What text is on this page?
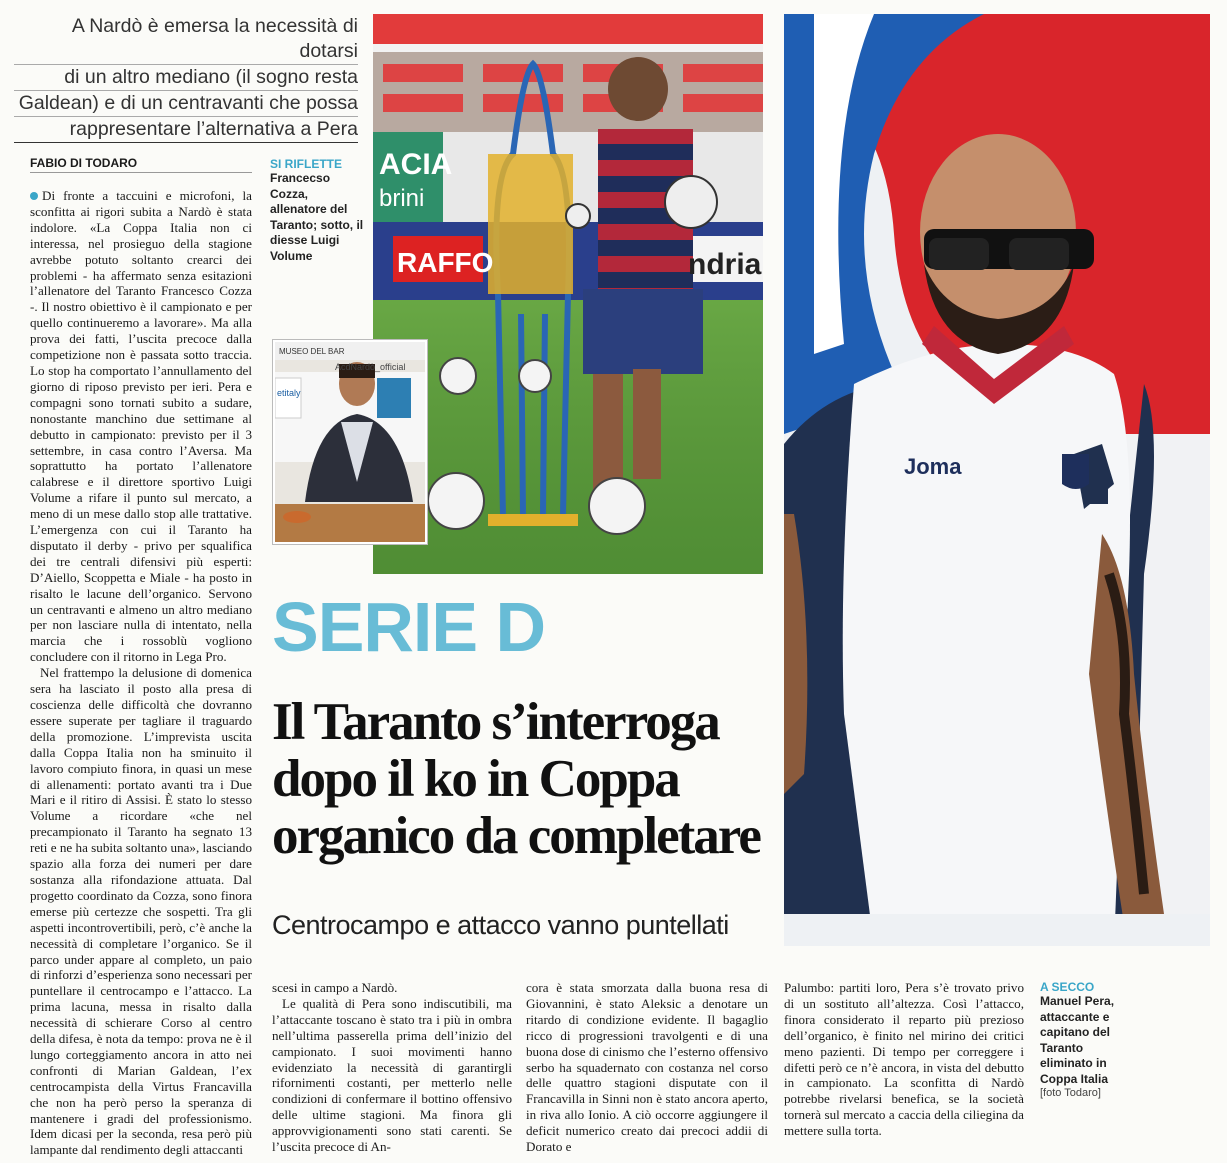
A Nardò è emersa la necessità di dotarsi
di un altro mediano (il sogno resta
Galdean) e di un centravanti che possa
rappresentare l’alternativa a Pera
FABIO DI TODARO

Di fronte a taccuini e microfoni, la sconfitta ai rigori subita a Nardò è stata indolore. «La Coppa Italia non ci interessa, nel prosieguo della stagione avrebbe potuto soltanto crearci dei problemi - ha affermato senza esitazioni l’allenatore del Taranto Francesco Cozza -. Il nostro obiettivo è il campionato e per quello continueremo a lavorare». Ma alla prova dei fatti, l’uscita precoce dalla competizione non è passata sotto traccia. Lo stop ha comportato l’annullamento del giorno di riposo previsto per ieri. Pera e compagni sono tornati subito a sudare, nonostante manchino due settimane al debutto in campionato: previsto per il 3 settembre, in casa contro l’Aversa. Ma soprattutto ha portato l’allenatore calabrese e il direttore sportivo Luigi Volume a rifare il punto sul mercato, a meno di un mese dallo stop alle trattative. L’emergenza con cui il Taranto ha disputato il derby - privo per squalifica dei tre centrali difensivi più esperti: D’Aiello, Scoppetta e Miale - ha posto in risalto le lacune dell’organico. Servono un centravanti e almeno un altro mediano per non lasciare nulla di intentato, nella marcia che i rossoblù vogliono concludere con il ritorno in Lega Pro.

Nel frattempo la delusione di domenica sera ha lasciato il posto alla presa di coscienza delle difficoltà che dovranno essere superate per tagliare il traguardo della promozione. L’imprevista uscita dalla Coppa Italia non ha sminuito il lavoro compiuto finora, in quasi un mese di allenamenti: portato avanti tra i Due Mari e il ritiro di Assisi. È stato lo stesso Volume a ricordare «che nel precampionato il Taranto ha segnato 13 reti e ne ha subita soltanto una», lasciando spazio alla forza dei numeri per dare sostanza alla rifondazione attuata. Dal progetto coordinato da Cozza, sono finora emerse più certezze che sospetti. Tra gli aspetti incontrovertibili, però, c’è anche la necessità di completare l’organico. Se il parco under appare al completo, un paio di rinforzi d’esperienza sono necessari per puntellare il centrocampo e l’attacco. La prima lacuna, messa in risalto dalla necessità di schierare Corso al centro della difesa, è nota da tempo: prova ne è il lungo corteggiamento ancora in atto nei confronti di Marian Galdean, l’ex centrocampista della Virtus Francavilla che non ha però perso la speranza di mantenere i gradi del professionismo. Idem dicasi per la seconda, resa però più lampante dal rendimento degli attaccanti

ACIA
brini
RAFFO	ndria
MUSEO DEL BAR
AcdNardò_official
etitaly
SI RIFLETTE
Francecso Cozza, allenatore del Taranto; sotto, il diesse Luigi Volume
Joma
SERIE D
Il Taranto s’interroga
dopo il ko in Coppa
organico da completare
Centrocampo e attacco vanno puntellati

scesi in campo a Nardò.

Le qualità di Pera sono indiscutibili, ma l’attaccante toscano è stato tra i più in ombra nell’ultima passerella prima dell’inizio del campionato. I suoi movimenti hanno evidenziato la necessità di garantirgli rifornimenti costanti, per metterlo nelle condizioni di confermare il bottino offensivo delle ultime stagioni. Ma finora gli approvvigionamenti sono stati carenti. Se l’uscita precoce di An-

cora è stata smorzata dalla buona resa di Giovannini, è stato Aleksic a denotare un ritardo di condizione evidente. Il bagaglio ricco di progressioni travolgenti e di una buona dose di cinismo che l’esterno offensivo serbo ha squadernato con costanza nel corso delle quattro stagioni disputate con il Francavilla in Sinni non è stato ancora aperto, in riva allo Ionio. A ciò occorre aggiungere il deficit numerico creato dai precoci addii di Dorato e

Palumbo: partiti loro, Pera s’è trovato privo di un sostituto all’altezza. Così l’attacco, finora considerato il reparto più prezioso dell’organico, è finito nel mirino dei critici meno pazienti. Di tempo per correggere i difetti però ce n’è ancora, in vista del debutto in campionato. La sconfitta di Nardò potrebbe rivelarsi benefica, se la società tornerà sul mercato a caccia della ciliegina da mettere sulla torta.

A SECCO
Manuel Pera, attaccante e capitano del Taranto eliminato in Coppa Italia
[foto Todaro]
